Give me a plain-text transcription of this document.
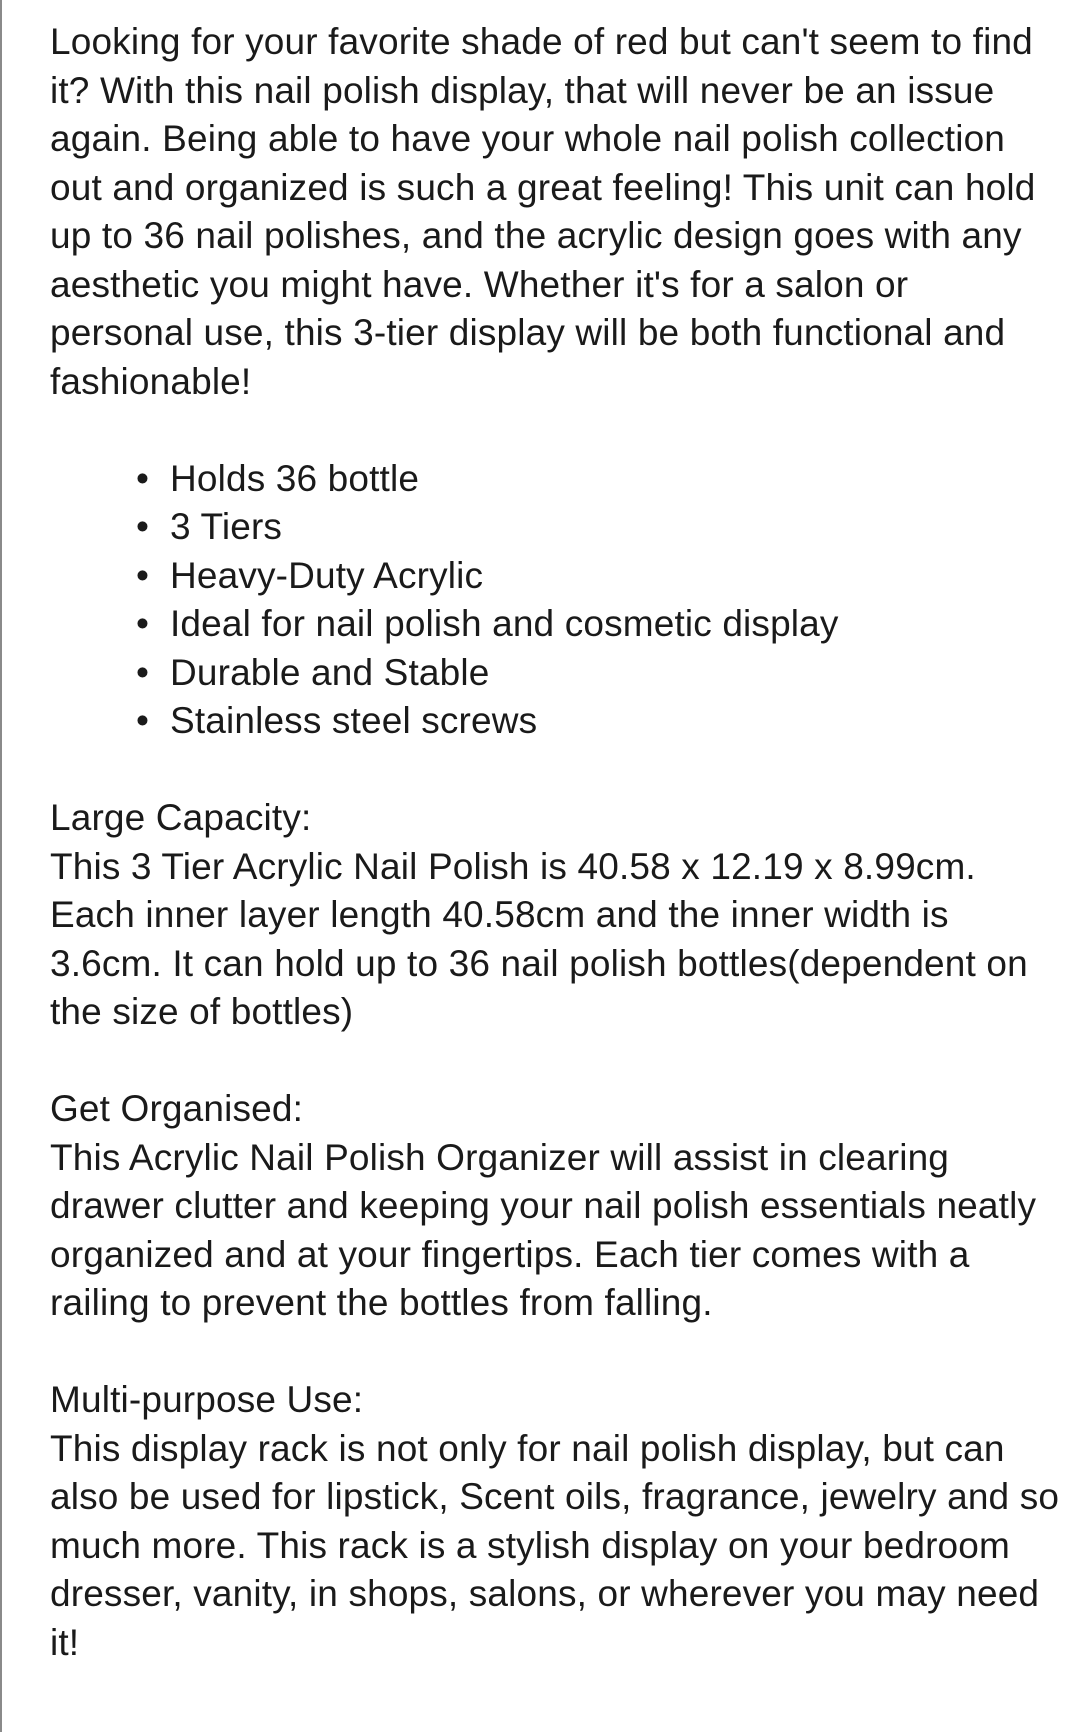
Looking for your favorite shade of red but can't seem to find it? With this nail polish display, that will never be an issue again. Being able to have your whole nail polish collection out and organized is such a great feeling! This unit can hold up to 36 nail polishes, and the acrylic design goes with any aesthetic you might have. Whether it's for a salon or personal use, this 3-tier display will be both functional and fashionable!

• Holds 36 bottle
• 3 Tiers
• Heavy-Duty Acrylic
• Ideal for nail polish and cosmetic display
• Durable and Stable
• Stainless steel screws

Large Capacity:

This 3 Tier Acrylic Nail Polish is 40.58 x 12.19 x 8.99cm. Each inner layer length 40.58cm and the inner width is 3.6cm. It can hold up to 36 nail polish bottles(dependent on the size of bottles)

Get Organised:

This Acrylic Nail Polish Organizer will assist in clearing drawer clutter and keeping your nail polish essentials neatly organized and at your fingertips. Each tier comes with a railing to prevent the bottles from falling.

Multi-purpose Use:

This display rack is not only for nail polish display, but can also be used for lipstick, Scent oils, fragrance, jewelry and so much more. This rack is a stylish display on your bedroom dresser, vanity, in shops, salons, or wherever you may need it!
